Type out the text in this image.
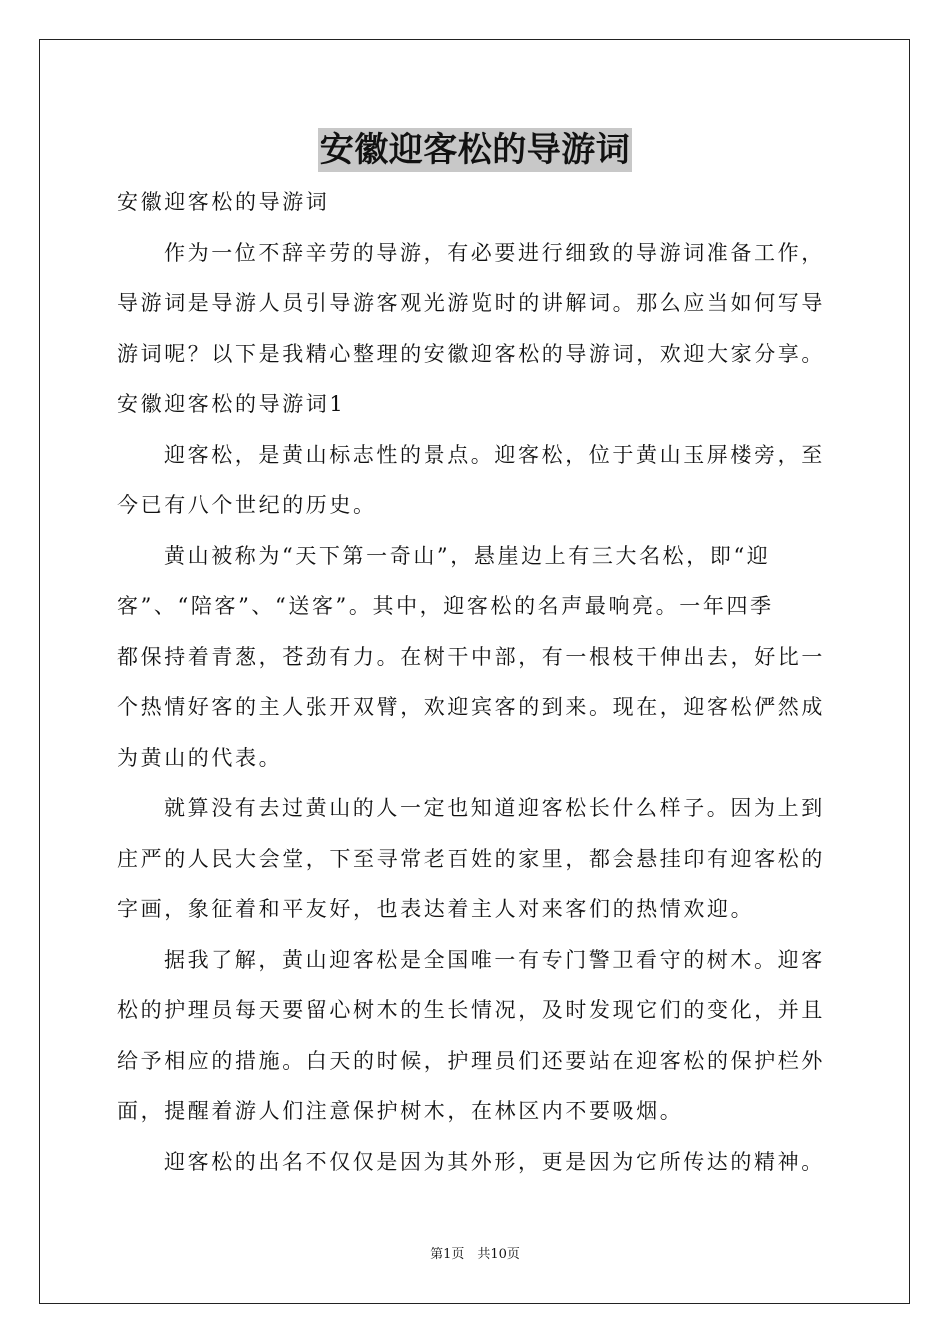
安徽迎客松的导游词

安徽迎客松的导游词

作为一位不辞辛劳的导游，有必要进行细致的导游词准备工作，

导游词是导游人员引导游客观光游览时的讲解词。那么应当如何写导

游词呢？以下是我精心整理的安徽迎客松的导游词，欢迎大家分享。

安徽迎客松的导游词1

迎客松，是黄山标志性的景点。迎客松，位于黄山玉屏楼旁，至

今已有八个世纪的历史。

黄山被称为“天下第一奇山”，悬崖边上有三大名松，即“迎

客”、“陪客”、“送客”。其中，迎客松的名声最响亮。一年四季

都保持着青葱，苍劲有力。在树干中部，有一根枝干伸出去，好比一

个热情好客的主人张开双臂，欢迎宾客的到来。现在，迎客松俨然成

为黄山的代表。

就算没有去过黄山的人一定也知道迎客松长什么样子。因为上到

庄严的人民大会堂，下至寻常老百姓的家里，都会悬挂印有迎客松的

字画，象征着和平友好，也表达着主人对来客们的热情欢迎。

据我了解，黄山迎客松是全国唯一有专门警卫看守的树木。迎客

松的护理员每天要留心树木的生长情况，及时发现它们的变化，并且

给予相应的措施。白天的时候，护理员们还要站在迎客松的保护栏外

面，提醒着游人们注意保护树木，在林区内不要吸烟。

迎客松的出名不仅仅是因为其外形，更是因为它所传达的精神。

第1页　共10页
